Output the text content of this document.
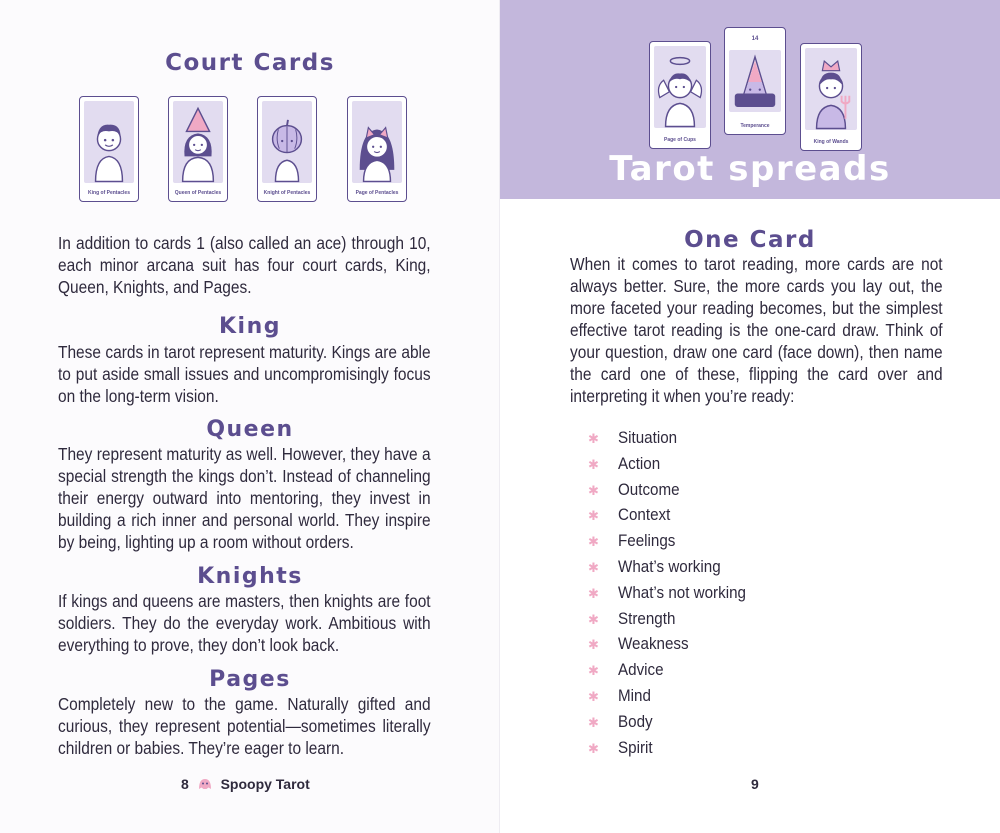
Court Cards
King of Pentacles	Queen of Pentacles	Knight of Pentacles	Page of Pentacles

In addition to cards 1 (also called an ace) through 10, each minor arcana suit has four court cards, King, Queen, Knights, and Pages.

King

These cards in tarot represent maturity. Kings are able to put aside small issues and uncompromisingly focus on the long-term vision.

Queen

They represent maturity as well. However, they have a special strength the kings don’t. Instead of channeling their energy outward into mentoring, they invest in building a rich inner and personal world. They inspire by being, lighting up a room without orders.

Knights

If kings and queens are masters, then knights are foot soldiers. They do the everyday work. Ambitious with everything to prove, they don’t look back.

Pages

Completely new to the game. Naturally gifted and curious, they represent potential—sometimes literally children or babies. They’re eager to learn.

8 Spoopy Tarot
Page of Cups
14
Temperance
King of Wands
Tarot spreads
One Card

When it comes to tarot reading, more cards are not always better. Sure, the more cards you lay out, the more faceted your reading becomes, but the simplest effective tarot reading is the one-card draw. Think of your question, draw one card (face down), then name the card one of these, flipping the card over and interpreting it when you’re ready:

✱ Situation
✱ Action
✱ Outcome
✱ Context
✱ Feelings
✱ What’s working
✱ What’s not working
✱ Strength
✱ Weakness
✱ Advice
✱ Mind
✱ Body
✱ Spirit
9
